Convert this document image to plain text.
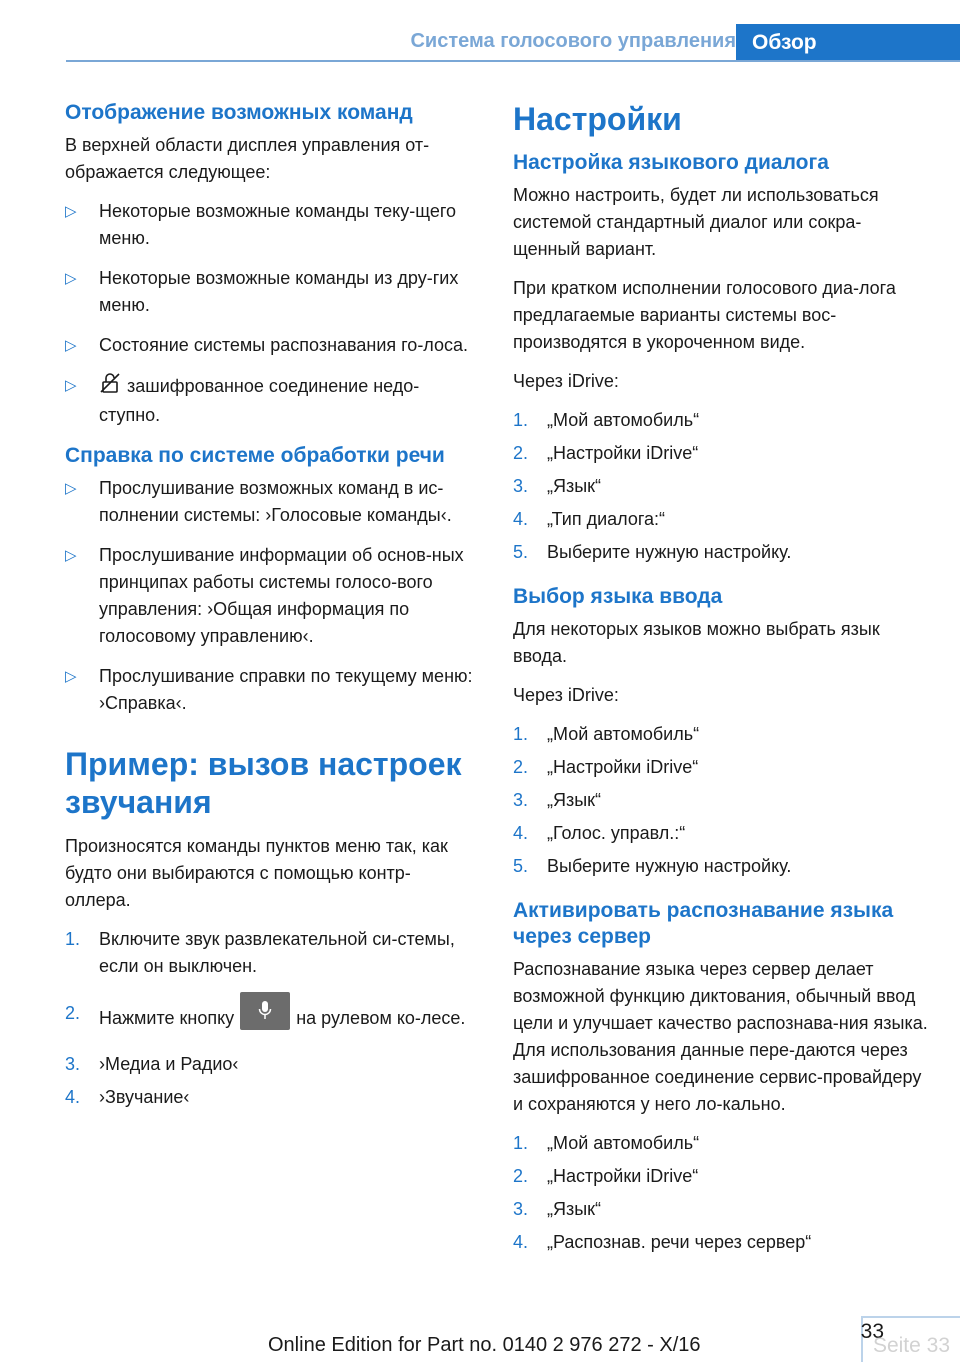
Система голосового управления Обзор
Отображение возможных команд

В верхней области дисплея управления от-ображается следующее:

▷ Некоторые возможные команды теку-щего меню.
▷ Некоторые возможные команды из дру-гих меню.
▷ Состояние системы распознавания го-лоса.
▷	зашифрованное соединение недо-ступно.
Справка по системе обработки речи
▷ Прослушивание возможных команд в ис-полнении системы: ›Голосовые команды‹.
▷ Прослушивание информации об основ-ных принципах работы системы голосо-вого управления: ›Общая информация по голосовому управлению‹.
▷ Прослушивание справки по текущему меню: ›Справка‹.
Пример: вызов настроек звучания

Произносятся команды пунктов меню так, как будто они выбираются с помощью контр-оллера.

1. Включите звук развлекательной си-стемы, если он выключен.
2. Нажмите кнопку	на рулевом ко-лесе.
3. ›Медиа и Радио‹
4. ›Звучание‹
Настройки
Настройка языкового диалога

Можно настроить, будет ли использоваться системой стандартный диалог или сокра-щенный вариант.

При кратком исполнении голосового диа-лога предлагаемые варианты системы вос-производятся в укороченном виде.

Через iDrive:

1. „Мой автомобиль“
2. „Настройки iDrive“
3. „Язык“
4. „Тип диалога:“
5. Выберите нужную настройку.
Выбор языка ввода

Для некоторых языков можно выбрать язык ввода.

Через iDrive:

1. „Мой автомобиль“
2. „Настройки iDrive“
3. „Язык“
4. „Голос. управл.:“
5. Выберите нужную настройку.
Активировать распознавание языка через сервер

Распознавание языка через сервер делает возможной функцию диктования, обычный ввод цели и улучшает качество распознава-ния языка. Для использования данные пере-даются через зашифрованное соединение сервис-провайдеру и сохраняются у него ло-кально.

1. „Мой автомобиль“
2. „Настройки iDrive“
3. „Язык“
4. „Распознав. речи через сервер“
33
Seite 33
Online Edition for Part no. 0140 2 976 272 - X/16
